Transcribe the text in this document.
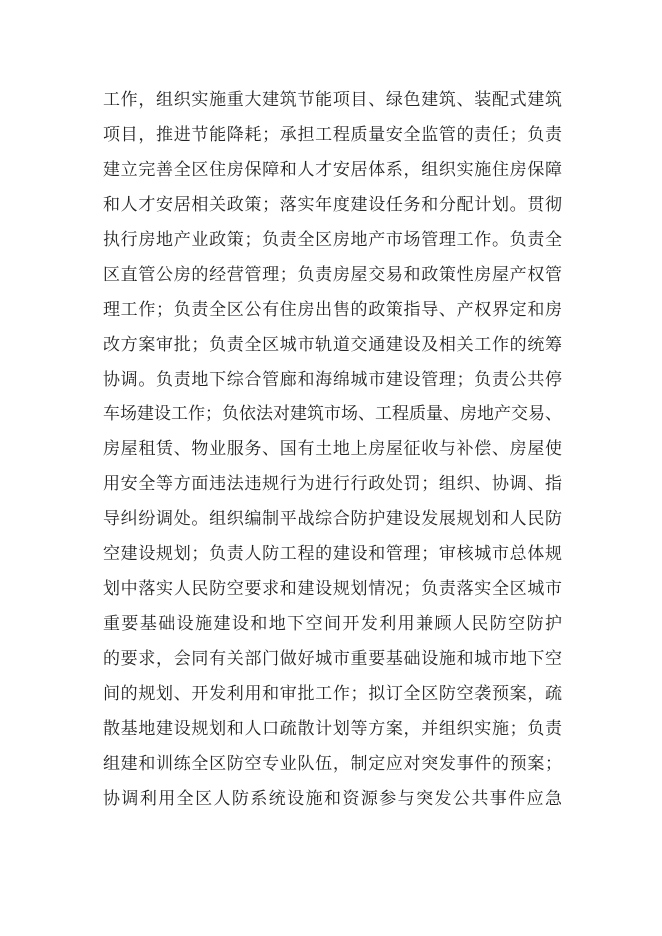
工作，组织实施重大建筑节能项目、绿色建筑、装配式建筑
项目，推进节能降耗；承担工程质量安全监管的责任；负责
建立完善全区住房保障和人才安居体系，组织实施住房保障
和人才安居相关政策；落实年度建设任务和分配计划。贯彻
执行房地产业政策；负责全区房地产市场管理工作。负责全
区直管公房的经营管理；负责房屋交易和政策性房屋产权管
理工作；负责全区公有住房出售的政策指导、产权界定和房
改方案审批；负责全区城市轨道交通建设及相关工作的统筹
协调。负责地下综合管廊和海绵城市建设管理；负责公共停
车场建设工作；负依法对建筑市场、工程质量、房地产交易、
房屋租赁、物业服务、国有土地上房屋征收与补偿、房屋使
用安全等方面违法违规行为进行行政处罚；组织、协调、指
导纠纷调处。组织编制平战综合防护建设发展规划和人民防
空建设规划；负责人防工程的建设和管理；审核城市总体规
划中落实人民防空要求和建设规划情况；负责落实全区城市
重要基础设施建设和地下空间开发利用兼顾人民防空防护
的要求，会同有关部门做好城市重要基础设施和城市地下空
间的规划、开发利用和审批工作；拟订全区防空袭预案，疏
散基地建设规划和人口疏散计划等方案，并组织实施；负责
组建和训练全区防空专业队伍，制定应对突发事件的预案；
协调利用全区人防系统设施和资源参与突发公共事件应急
